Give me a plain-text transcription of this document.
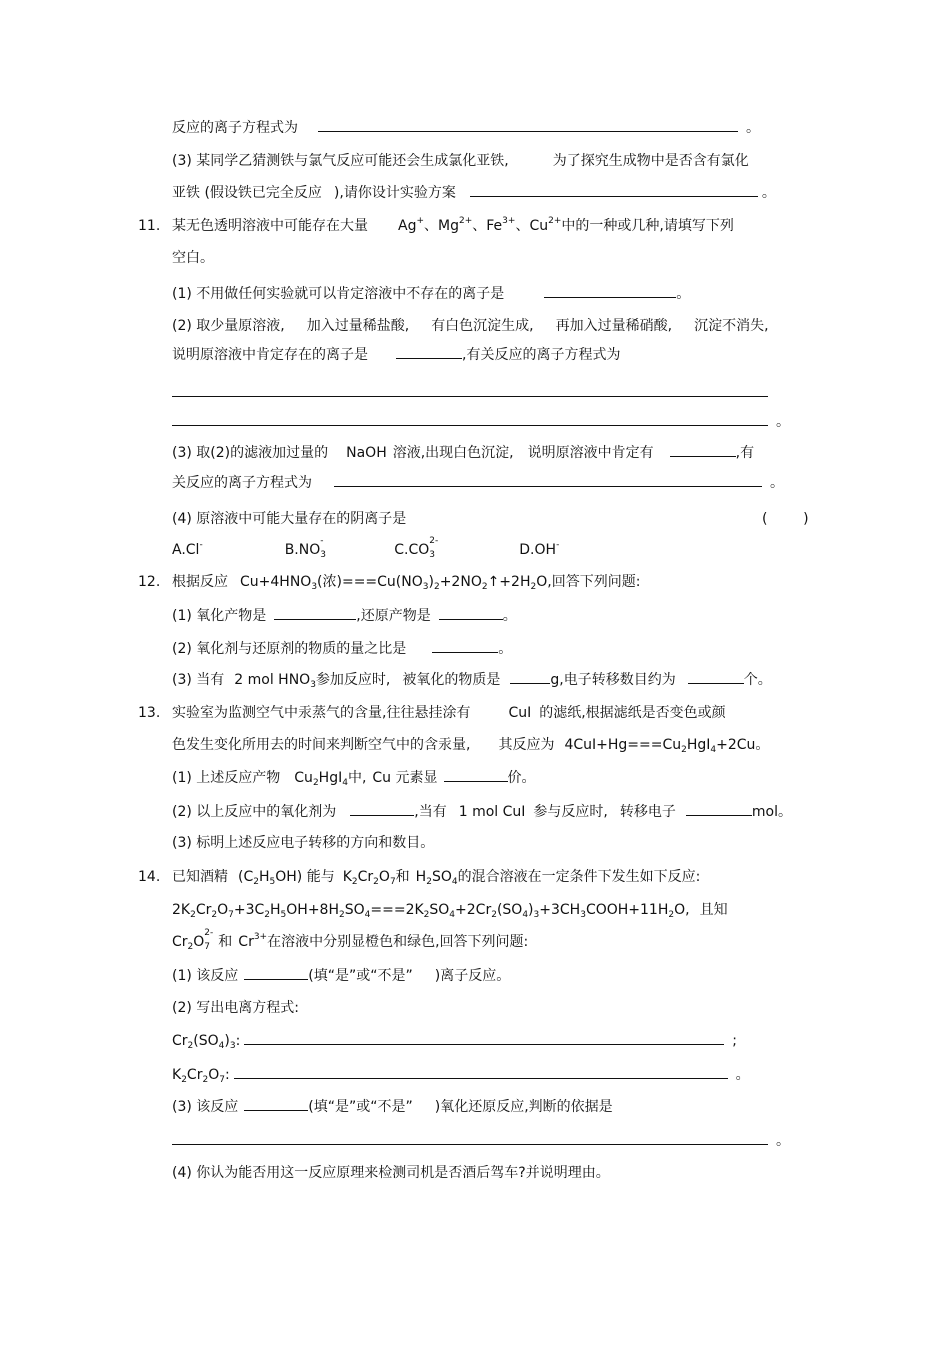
反应的离子方程式为	。
(3) 某同学乙猜测铁与氯气反应可能还会生成氯化亚铁,	为了探究生成物中是否含有氯化
亚铁 (假设铁已完全反应 ),请你设计实验方案	。
11. 某无色透明溶液中可能存在大量 Ag+、$Mg^{2+}$、$Fe^{3+}$、$Cu^{2+}$中的一种或几种,请填写下列
空白。
(1) 不用做任何实验就可以肯定溶液中不存在的离子是	。
(2) 取少量原溶液, 加入过量稀盐酸, 有白色沉淀生成, 再加入过量稀硝酸, 沉淀不消失,
说明原溶液中肯定存在的离子是	,有关反应的离子方程式为
。
(3) 取(2)的滤液加过量的 NaOH 溶液,出现白色沉淀, 说明原溶液中肯定有	,有
关反应的离子方程式为	。
(4) 原溶液中可能大量存在的阴离子是	(        )
A.Cl-	B.NO
-
3	C.CO
2-
3	D.OH-
12. 根据反应 $Cu+4HNO_3$(浓)$===Cu(NO_3)_2+2NO_2↑+2H_2O$,回答下列问题:
(1) 氧化产物是	,还原产物是	。
(2) 氧化剂与还原剂的物质的量之比是	。
(3) 当有 2 mol $HNO_3$参加反应时, 被氧化的物质是	g,电子转移数目约为	个。
13. 实验室为监测空气中汞蒸气的含量,往往悬挂涂有	CuI 的滤纸,根据滤纸是否变色或颜
色发生变化所用去的时间来判断空气中的含汞量, 其反应为 $4CuI+Hg===Cu_2HgI_4+2Cu$。
(1) 上述反应产物 $Cu_2HgI_4$中, Cu 元素显	价。
(2) 以上反应中的氧化剂为	,当有 1 mol CuI 参与反应时, 转移电子	mol。
(3) 标明上述反应电子转移的方向和数目。
14. 已知酒精 $(C_2H_5OH)$ 能与 $K_2Cr_2O_7$和 $H_2SO_4$的混合溶液在一定条件下发生如下反应:
$2K_2Cr_2O_7+3C_2H_5OH+8H_2SO_4===2K_2SO_4+2Cr_2(SO_4)_3+3CH_3COOH+11H_2O$, 且知
$Cr_2O$
2-
7 和 $Cr^{3+}$在溶液中分别显橙色和绿色,回答下列问题:
(1) 该反应	(填“是”或“不是” )离子反应。
(2) 写出电离方程式:
$Cr_2(SO_4)_3$:	;
$K_2Cr_2O_7$:	。
(3) 该反应	(填“是”或“不是” )氧化还原反应,判断的依据是
。
(4) 你认为能否用这一反应原理来检测司机是否酒后驾车?并说明理由。
